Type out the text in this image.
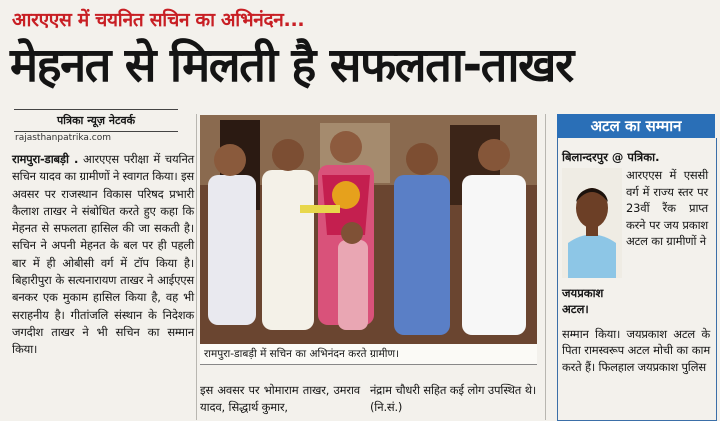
आरएएस में चयनित सचिन का अभिनंदन...
मेहनत से मिलती है सफलता-ताखर
पत्रिका न्यूज़ नेटवर्क
rajasthanpatrika.com
रामपुरा-डाबड़ी . आरएएस परीक्षा में चयनित सचिन यादव का ग्रामीणों ने स्वागत किया। इस अवसर पर राजस्थान विकास परिषद प्रभारी कैलाश ताखर ने संबोधित करते हुए कहा कि मेहनत से सफलता हासिल की जा सकती है। सचिन ने अपनी मेहनत के बल पर ही पहली बार में ही ओबीसी वर्ग में टॉप किया है। बिहारीपुरा के सत्यनारायण ताखर ने आईएएस बनकर एक मुकाम हासिल किया है, वह भी सराहनीय है। गीतांजलि संस्थान के निदेशक जगदीश ताखर ने भी सचिन का सम्मान किया।	रामपुरा-डाबड़ी में सचिन का अभिनंदन करते ग्रामीण।
इस अवसर पर भोमाराम ताखर, उमराव यादव, सिद्धार्थ कुमार,
नंद्राम चौधरी सहित कई लोग उपस्थित थे। (नि.सं.)
अटल का सम्मान
बिलान्दरपुर @ पत्रिका.
जयप्रकाश अटल।
आरएएस में एससी वर्ग में राज्य स्तर पर 23वीं रैंक प्राप्त करने पर जय प्रकाश अटल का ग्रामीणों ने
सम्मान किया। जयप्रकाश अटल के पिता रामस्वरूप अटल मोची का काम करते हैं। फिलहाल जयप्रकाश पुलिस
